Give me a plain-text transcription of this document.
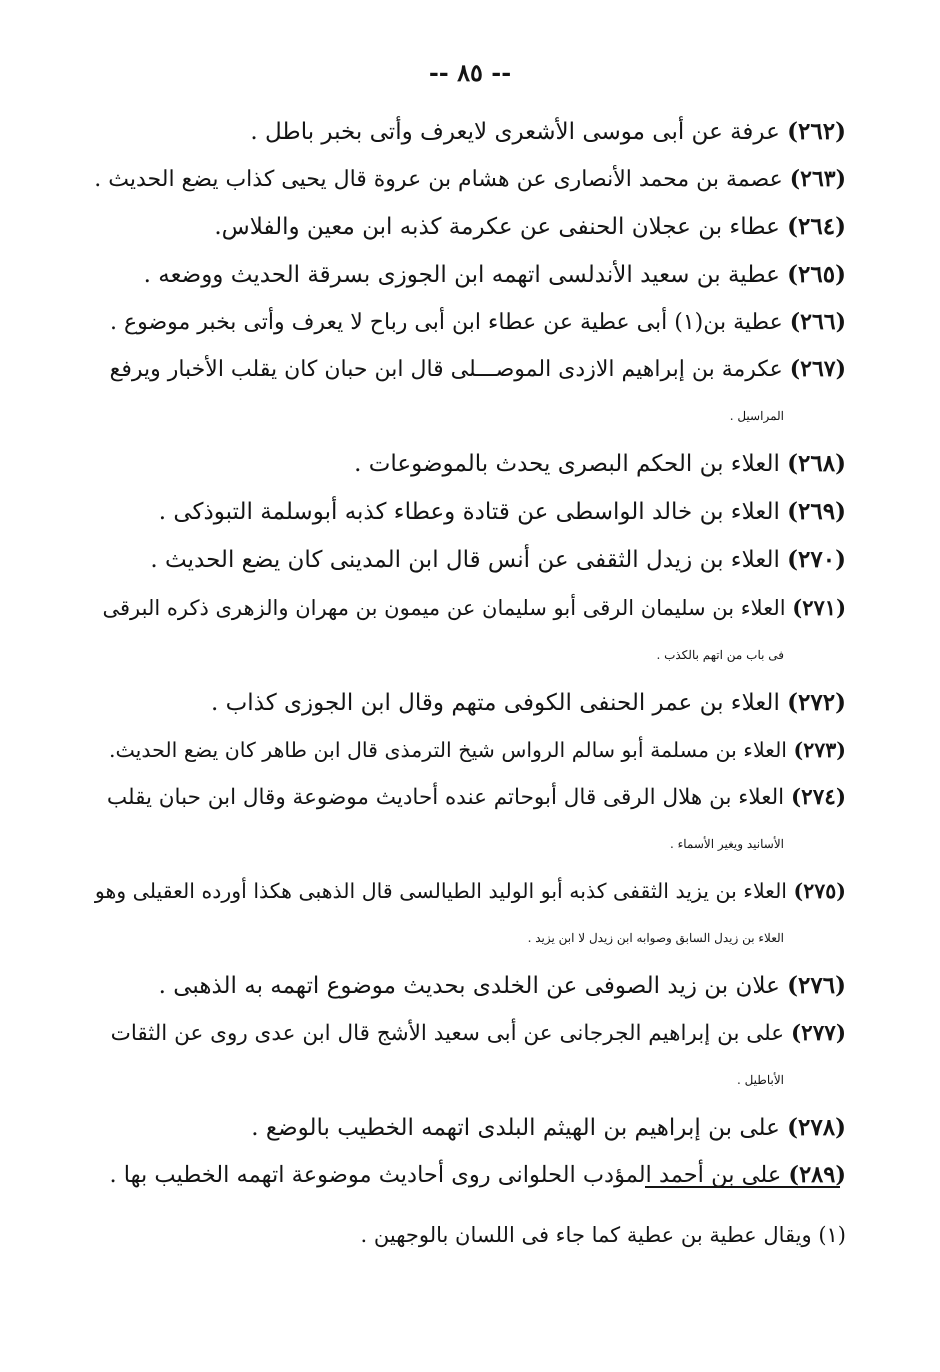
-- ٨٥ --
(٢٦٢) عرفة عن أبى موسى الأشعرى لايعرف وأتى بخبر باطل .
(٢٦٣) عصمة بن محمد الأنصارى عن هشام بن عروة قال يحيى كذاب يضع الحديث .
(٢٦٤) عطاء بن عجلان الحنفى عن عكرمة كذبه ابن معين والفلاس.
(٢٦٥) عطية بن سعيد الأندلسى اتهمه ابن الجوزى بسرقة الحديث ووضعه .
(٢٦٦) عطية بن(١) أبى عطية عن عطاء ابن أبى رباح لا يعرف وأتى بخبر موضوع .
(٢٦٧) عكرمة بن إبراهيم الازدى الموصـــلى قال ابن حبان كان يقلب الأخبار ويرفع
المراسيل .
(٢٦٨) العلاء بن الحكم البصرى يحدث بالموضوعات .
(٢٦٩) العلاء بن خالد الواسطى عن قتادة وعطاء كذبه أبوسلمة التبوذكى .
(٢٧٠) العلاء بن زيدل الثقفى عن أنس قال ابن المدينى كان يضع الحديث .
(٢٧١) العلاء بن سليمان الرقى أبو سليمان عن ميمون بن مهران والزهرى ذكره البرقى
فى باب من اتهم بالكذب .
(٢٧٢) العلاء بن عمر الحنفى الكوفى متهم وقال ابن الجوزى كذاب .
(٢٧٣) العلاء بن مسلمة أبو سالم الرواس شيخ الترمذى قال ابن طاهر كان يضع الحديث.
(٢٧٤) العلاء بن هلال الرقى قال أبوحاتم عنده أحاديث موضوعة وقال ابن حبان يقلب
الأسانيد ويغير الأسماء .
(٢٧٥) العلاء بن يزيد الثقفى كذبه أبو الوليد الطيالسى قال الذهبى هكذا أورده العقيلى وهو
العلاء بن زيدل السابق وصوابه ابن زيدل لا ابن يزيد .
(٢٧٦) علان بن زيد الصوفى عن الخلدى بحديث موضوع اتهمه به الذهبى .
(٢٧٧) على بن إبراهيم الجرجانى عن أبى سعيد الأشج قال ابن عدى روى عن الثقات
الأباطيل .
(٢٧٨) على بن إبراهيم بن الهيثم البلدى اتهمه الخطيب بالوضع .
(٢٨٩) على بن أحمد المؤدب الحلوانى روى أحاديث موضوعة اتهمه الخطيب بها .
(١) ويقال عطية بن عطية كما جاء فى اللسان بالوجهين .
